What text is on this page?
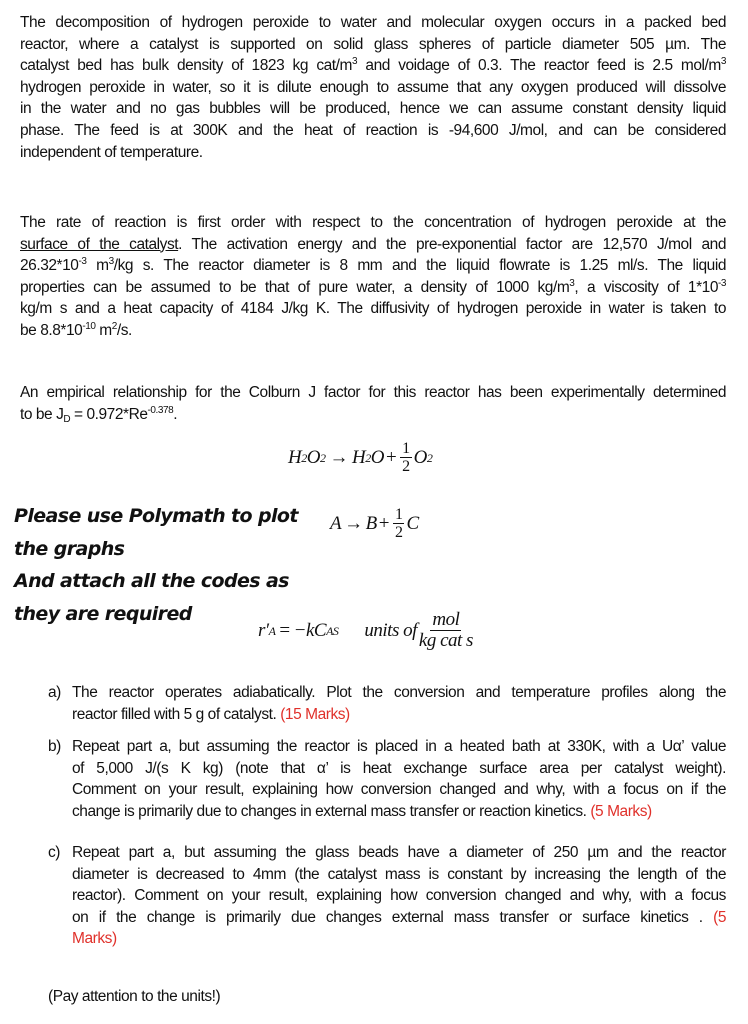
The decomposition of hydrogen peroxide to water and molecular oxygen occurs in a packed bed
reactor, where a catalyst is supported on solid glass spheres of particle diameter 505 µm. The
catalyst bed has bulk density of 1823 kg cat/$m^3$ and voidage of 0.3. The reactor feed is 2.5 mol/$m^3$
hydrogen peroxide in water, so it is dilute enough to assume that any oxygen produced will dissolve
in the water and no gas bubbles will be produced, hence we can assume constant density liquid
phase. The feed is at 300K and the heat of reaction is -94,600 J/mol, and can be considered
independent of temperature.
The rate of reaction is first order with respect to the concentration of hydrogen peroxide at the
surface of the catalyst. The activation energy and the pre-exponential factor are 12,570 J/mol and
$26.32*10^{-3}$ $m^3/kg$ s. The reactor diameter is 8 mm and the liquid flowrate is 1.25 ml/s. The liquid
properties can be assumed to be that of pure water, a density of 1000 $kg/m^3$, a viscosity of $1*10^{-3}$
kg/m s and a heat capacity of 4184 J/kg K. The diffusivity of hydrogen peroxide in water is taken to
be $8.8*10^{-10}$ $m^2/s$.
An empirical relationship for the Colburn J factor for this reactor has been experimentally determined
to be $J_D = 0.972*Re^{-0.378}$.
H 2 O 2 → H 2 $O + \frac{1}{2}$ O 2
$A \to B + \frac{1}{2}$ C
r ′ A = −kC AS units of $\frac{\text{mol}}{\text{kg cat s}}$
Please use Polymath to plot
the graphs
And attach all the codes as
they are required
a) The reactor operates adiabatically. Plot the conversion and temperature profiles along the
reactor filled with 5 g of catalyst. (15 Marks)
b) Repeat part a, but assuming the reactor is placed in a heated bath at 330K, with a Uα’ value
of 5,000 J/(s K kg) (note that α’ is heat exchange surface area per catalyst weight).
Comment on your result, explaining how conversion changed and why, with a focus on if the
change is primarily due to changes in external mass transfer or reaction kinetics. (5 Marks)
c) Repeat part a, but assuming the glass beads have a diameter of 250 µm and the reactor
diameter is decreased to 4mm (the catalyst mass is constant by increasing the length of the
reactor). Comment on your result, explaining how conversion changed and why, with a focus
on if the change is primarily due changes external mass transfer or surface kinetics . (5
Marks)
(Pay attention to the units!)
